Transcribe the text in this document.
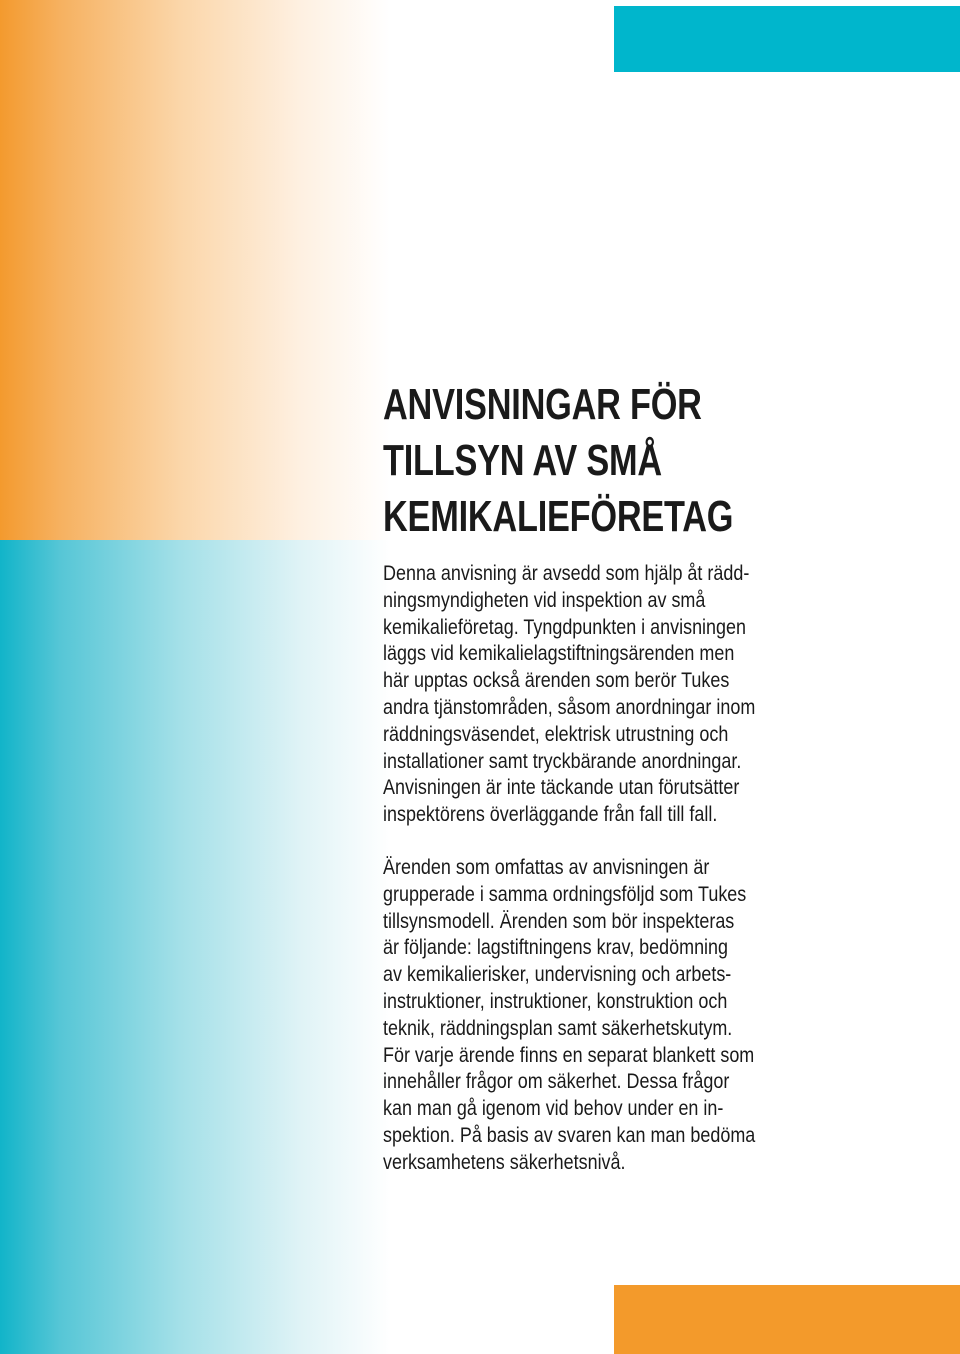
ANVISNINGAR FÖR
TILLSYN AV SMÅ
KEMIKALIEFÖRETAG

Denna anvisning är avsedd som hjälp åt rädd-
ningsmyndigheten vid inspektion av små
kemikalieföretag. Tyngdpunkten i anvisningen
läggs vid kemikalielagstiftningsärenden men
här upptas också ärenden som berör Tukes
andra tjänstområden, såsom anordningar inom
räddningsväsendet, elektrisk utrustning och
installationer samt tryckbärande anordningar.
Anvisningen är inte täckande utan förutsätter
inspektörens överläggande från fall till fall.

Ärenden som omfattas av anvisningen är
grupperade i samma ordningsföljd som Tukes
tillsynsmodell. Ärenden som bör inspekteras
är följande: lagstiftningens krav, bedömning
av kemikalierisker, undervisning och arbets-
instruktioner, instruktioner, konstruktion och
teknik, räddningsplan samt säkerhetskutym.
För varje ärende finns en separat blankett som
innehåller frågor om säkerhet. Dessa frågor
kan man gå igenom vid behov under en in-
spektion. På basis av svaren kan man bedöma
verksamhetens säkerhetsnivå.
